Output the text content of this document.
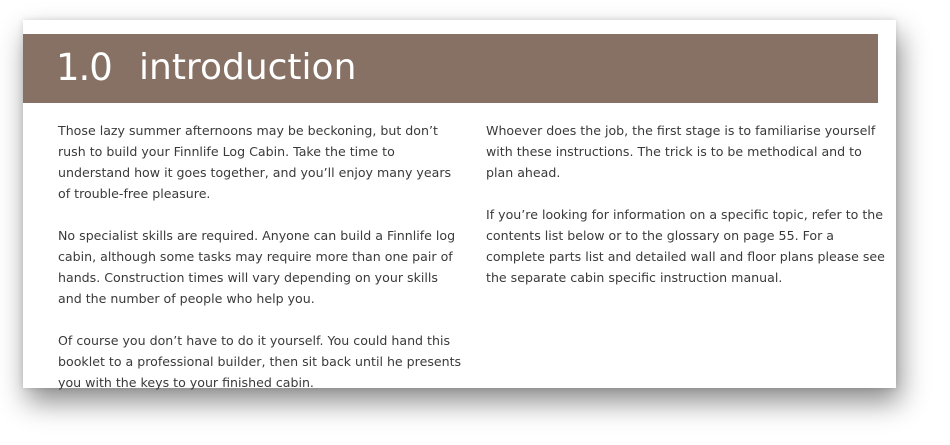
1.0 introduction

Those lazy summer afternoons may be beckoning, but don’t rush to build your Finnlife Log Cabin. Take the time to understand how it goes together, and you’ll enjoy many years of trouble-free pleasure.

No specialist skills are required. Anyone can build a Finnlife log cabin, although some tasks may require more than one pair of hands. Construction times will vary depending on your skills and the number of people who help you.

Of course you don’t have to do it yourself. You could hand this booklet to a professional builder, then sit back until he presents you with the keys to your finished cabin.

Whoever does the job, the first stage is to familiarise yourself with these instructions. The trick is to be methodical and to plan ahead.

If you’re looking for information on a specific topic, refer to the contents list below or to the glossary on page 55. For a complete parts list and detailed wall and floor plans please see the separate cabin specific instruction manual.
